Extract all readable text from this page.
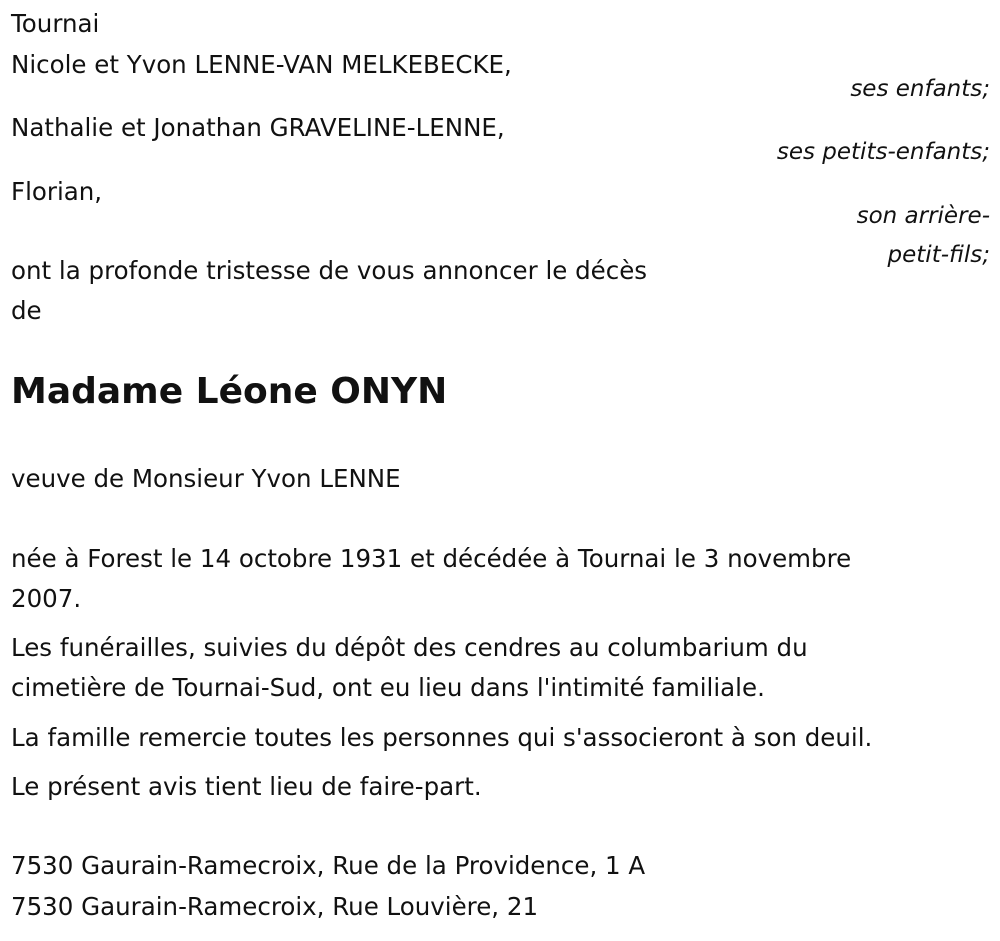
Tournai
Nicole et Yvon LENNE-VAN MELKEBECKE,
ses enfants;
Nathalie et Jonathan GRAVELINE-LENNE,
ses petits-enfants;
Florian,
son arrière-
petit-fils;
ont la profonde tristesse de vous annoncer le décès
de
Madame Léone ONYN
veuve de Monsieur Yvon LENNE
née à Forest le 14 octobre 1931 et décédée à Tournai le 3 novembre
2007.
Les funérailles, suivies du dépôt des cendres au columbarium du
cimetière de Tournai-Sud, ont eu lieu dans l'intimité familiale.
La famille remercie toutes les personnes qui s'associeront à son deuil.
Le présent avis tient lieu de faire-part.
7530 Gaurain-Ramecroix, Rue de la Providence, 1 A
7530 Gaurain-Ramecroix, Rue Louvière, 21
